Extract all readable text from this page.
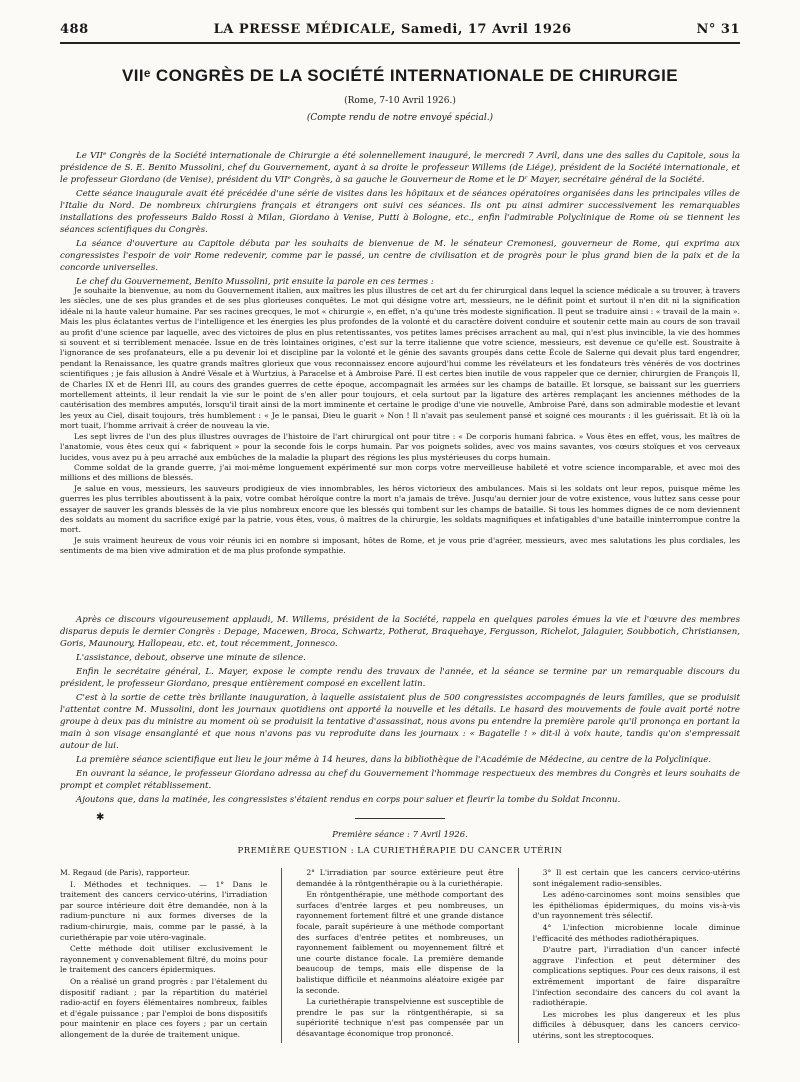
488	LA PRESSE MÉDICALE, Samedi, 17 Avril 1926	N° 31
VIIᵉ CONGRÈS DE LA SOCIÉTÉ INTERNATIONALE DE CHIRURGIE
(Rome, 7-10 Avril 1926.)
(Compte rendu de notre envoyé spécial.)

Le VIIᵉ Congrès de la Société internationale de Chirurgie a été solennellement inauguré, le mercredi 7 Avril, dans une des salles du Capitole, sous la présidence de S. E. Benito Mussolini, chef du Gouvernement, ayant à sa droite le professeur Willems (de Liége), président de la Société internationale, et le professeur Giordano (de Venise), président du VIIᵉ Congrès, à sa gauche le Gouverneur de Rome et le Dʳ Mayer, secrétaire général de la Société.

Cette séance inaugurale avait été précédée d'une série de visites dans les hôpitaux et de séances opératoires organisées dans les principales villes de l'Italie du Nord. De nombreux chirurgiens français et étrangers ont suivi ces séances. Ils ont pu ainsi admirer successivement les remarquables installations des professeurs Baldo Rossi à Milan, Giordano à Venise, Putti à Bologne, etc., enfin l'admirable Polyclinique de Rome où se tiennent les séances scientifiques du Congrès.

La séance d'ouverture au Capitole débuta par les souhaits de bienvenue de M. le sénateur Cremonesi, gouverneur de Rome, qui exprima aux congressistes l'espoir de voir Rome redevenir, comme par le passé, un centre de civilisation et de progrès pour le plus grand bien de la paix et de la concorde universelles.

Le chef du Gouvernement, Benito Mussolini, prit ensuite la parole en ces termes :

Je souhaite la bienvenue, au nom du Gouvernement italien, aux maîtres les plus illustres de cet art du fer chirurgical dans lequel la science médicale a su trouver, à travers les siècles, une de ses plus grandes et de ses plus glorieuses conquêtes. Le mot qui désigne votre art, messieurs, ne le définit point et surtout il n'en dit ni la signification idéale ni la haute valeur humaine. Par ses racines grecques, le mot « chirurgie », en effet, n'a qu'une très modeste signification. Il peut se traduire ainsi : « travail de la main ». Mais les plus éclatantes vertus de l'intelligence et les énergies les plus profondes de la volonté et du caractère doivent conduire et soutenir cette main au cours de son travail au profit d'une science par laquelle, avec des victoires de plus en plus retentissantes, vos petites lames précises arrachent au mal, qui n'est plus invincible, la vie des hommes si souvent et si terriblement menacée. Issue en de très lointaines origines, c'est sur la terre italienne que votre science, messieurs, est devenue ce qu'elle est. Soustraite à l'ignorance de ses profanateurs, elle a pu devenir loi et discipline par la volonté et le génie des savants groupés dans cette École de Salerne qui devait plus tard engendrer, pendant la Renaissance, les quatre grands maîtres glorieux que vous reconnaissez encore aujourd'hui comme les révélateurs et les fondateurs très vénérés de vos doctrines scientifiques ; je fais allusion à André Vésale et à Wurtzius, à Paracelse et à Ambroise Paré. Il est certes bien inutile de vous rappeler que ce dernier, chirurgien de François II, de Charles IX et de Henri III, au cours des grandes guerres de cette époque, accompagnait les armées sur les champs de bataille. Et lorsque, se baissant sur les guerriers mortellement atteints, il leur rendait la vie sur le point de s'en aller pour toujours, et cela surtout par la ligature des artères remplaçant les anciennes méthodes de la cautérisation des membres amputés, lorsqu'il tirait ainsi de la mort imminente et certaine le prodige d'une vie nouvelle, Ambroise Paré, dans son admirable modestie et levant les yeux au Ciel, disait toujours, très humblement : « Je le pansai, Dieu le guarit » Non ! Il n'avait pas seulement pansé et soigné ces mourants : il les guérissait. Et là où la mort tuait, l'homme arrivait à créer de nouveau la vie.

Les sept livres de l'un des plus illustres ouvrages de l'histoire de l'art chirurgical ont pour titre : « De corporis humani fabrica. » Vous êtes en effet, vous, les maîtres de l'anatomie, vous êtes ceux qui « fabriquent » pour la seconde fois le corps humain. Par vos poignets solides, avec vos mains savantes, vos cœurs stoïques et vos cerveaux lucides, vous avez pu à peu arraché aux embûches de la maladie la plupart des régions les plus mystérieuses du corps humain.

Comme soldat de la grande guerre, j'ai moi-même longuement expérimenté sur mon corps votre merveilleuse habileté et votre science incomparable, et avec moi des millions et des millions de blessés.

Je salue en vous, messieurs, les sauveurs prodigieux de vies innombrables, les héros victorieux des ambulances. Mais si les soldats ont leur repos, puisque même les guerres les plus terribles aboutissent à la paix, votre combat héroïque contre la mort n'a jamais de trêve. Jusqu'au dernier jour de votre existence, vous luttez sans cesse pour essayer de sauver les grands blessés de la vie plus nombreux encore que les blessés qui tombent sur les champs de bataille. Si tous les hommes dignes de ce nom deviennent des soldats au moment du sacrifice exigé par la patrie, vous êtes, vous, ô maîtres de la chirurgie, les soldats magnifiques et infatigables d'une bataille ininterrompue contre la mort.

Je suis vraiment heureux de vous voir réunis ici en nombre si imposant, hôtes de Rome, et je vous prie d'agréer, messieurs, avec mes salutations les plus cordiales, les sentiments de ma bien vive admiration et de ma plus profonde sympathie.

Après ce discours vigoureusement applaudi, M. Willems, président de la Société, rappela en quelques paroles émues la vie et l'œuvre des membres disparus depuis le dernier Congrès : Depage, Macewen, Broca, Schwartz, Potherat, Braquehaye, Fergusson, Richelot, Jalaguier, Soubbotich, Christiansen, Goris, Maunoury, Hallopeau, etc. et, tout récemment, Jonnesco.

L'assistance, debout, observe une minute de silence.

Enfin le secrétaire général, L. Mayer, expose le compte rendu des travaux de l'année, et la séance se termine par un remarquable discours du président, le professeur Giordano, presque entièrement composé en excellent latin.

C'est à la sortie de cette très brillante inauguration, à laquelle assistaient plus de 500 congressistes accompagnés de leurs familles, que se produisit l'attentat contre M. Mussolini, dont les journaux quotidiens ont apporté la nouvelle et les détails. Le hasard des mouvements de foule avait porté notre groupe à deux pas du ministre au moment où se produisit la tentative d'assassinat, nous avons pu entendre la première parole qu'il prononça en portant la main à son visage ensanglanté et que nous n'avons pas vu reproduite dans les journaux : « Bagatelle ! » dit-il à voix haute, tandis qu'on s'empressait autour de lui.

La première séance scientifique eut lieu le jour même à 14 heures, dans la bibliothèque de l'Académie de Médecine, au centre de la Polyclinique.

En ouvrant la séance, le professeur Giordano adressa au chef du Gouvernement l'hommage respectueux des membres du Congrès et leurs souhaits de prompt et complet rétablissement.

Ajoutons que, dans la matinée, les congressistes s'étaient rendus en corps pour saluer et fleurir la tombe du Soldat Inconnu.

✱
Première séance : 7 Avril 1926.
PREMIÈRE QUESTION : LA CURIETHÉRAPIE DU CANCER UTÉRIN

M. Regaud (de Paris), rapporteur.

I. Méthodes et techniques. — 1° Dans le traitement des cancers cervico-utérins, l'irradiation par source intérieure doit être demandée, non à la radium-puncture ni aux formes diverses de la radium-chirurgie, mais, comme par le passé, à la curiethérapie par voie utéro-vaginale.

Cette méthode doit utiliser exclusivement le rayonnement γ convenablement filtré, du moins pour le traitement des cancers épidermiques.

On a réalisé un grand progrès : par l'étalement du dispositif radiant ; par la répartition du matériel radio-actif en foyers élémentaires nombreux, faibles et d'égale puissance ; par l'emploi de bons dispositifs pour maintenir en place ces foyers ; par un certain allongement de la durée de traitement unique.

2° L'irradiation par source extérieure peut être demandée à la röntgenthérapie ou à la curiethérapie.

En röntgenthérapie, une méthode comportant des surfaces d'entrée larges et peu nombreuses, un rayonnement fortement filtré et une grande distance focale, paraît supérieure à une méthode comportant des surfaces d'entrée petites et nombreuses, un rayonnement faiblement ou moyennement filtré et une courte distance focale. La première demande beaucoup de temps, mais elle dispense de la balistique difficile et néanmoins aléatoire exigée par la seconde.

La curiethérapie transpelvienne est susceptible de prendre le pas sur la röntgenthérapie, si sa supériorité technique n'est pas compensée par un désavantage économique trop prononcé.

3° Il est certain que les cancers cervico-utérins sont inégalement radio-sensibles.

Les adéno-carcinomes sont moins sensibles que les épithéliomas épidermiques, du moins vis-à-vis d'un rayonnement très sélectif.

4° L'infection microbienne locale diminue l'efficacité des méthodes radiothérapiques.

D'autre part, l'irradiation d'un cancer infecté aggrave l'infection et peut déterminer des complications septiques. Pour ces deux raisons, il est extrêmement important de faire disparaître l'infection secondaire des cancers du col avant la radiothérapie.

Les microbes les plus dangereux et les plus difficiles à débusquer, dans les cancers cervico-utérins, sont les streptocoques.
